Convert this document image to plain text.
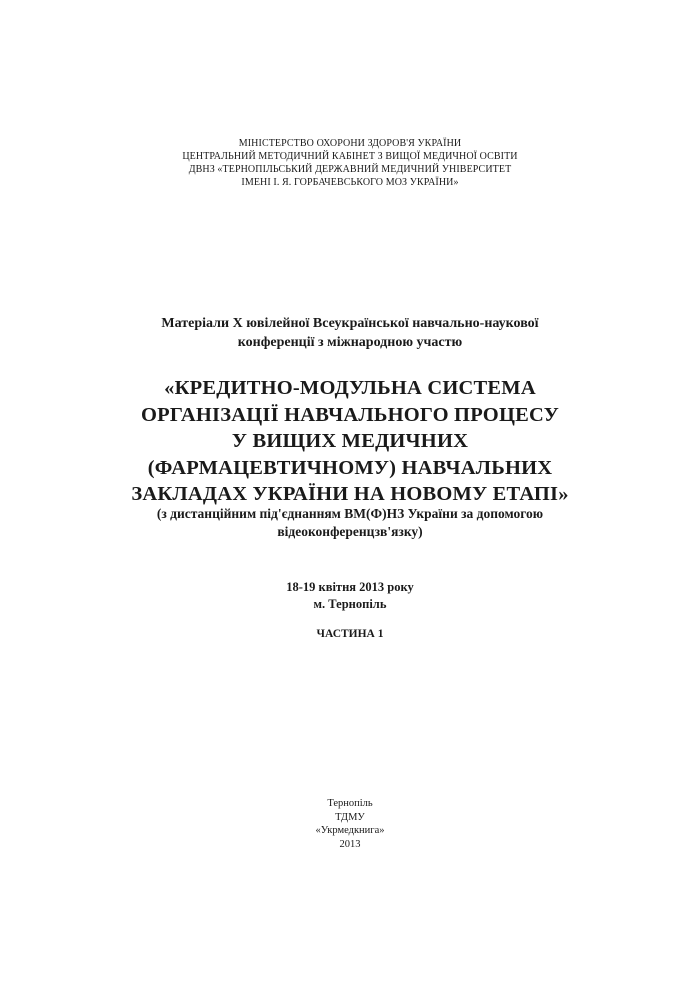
МІНІСТЕРСТВО ОХОРОНИ ЗДОРОВ'Я УКРАЇНИ
ЦЕНТРАЛЬНИЙ МЕТОДИЧНИЙ КАБІНЕТ З ВИЩОЇ МЕДИЧНОЇ ОСВІТИ
ДВНЗ «ТЕРНОПІЛЬСЬКИЙ ДЕРЖАВНИЙ МЕДИЧНИЙ УНІВЕРСИТЕТ
ІМЕНІ І. Я. ГОРБАЧЕВСЬКОГО МОЗ УКРАЇНИ»
Матеріали Х ювілейної Всеукраїнської навчально-наукової
конференції з міжнародною участю
«КРЕДИТНО-МОДУЛЬНА СИСТЕМА
ОРГАНІЗАЦІЇ НАВЧАЛЬНОГО ПРОЦЕСУ
У ВИЩИХ МЕДИЧНИХ
(ФАРМАЦЕВТИЧНОМУ) НАВЧАЛЬНИХ
ЗАКЛАДАХ УКРАЇНИ НА НОВОМУ ЕТАПІ»
(з дистанційним під'єднанням ВМ(Ф)НЗ України за допомогою
відеоконференцзв'язку)
18-19 квітня 2013 року
м. Тернопіль
ЧАСТИНА 1
Тернопіль
ТДМУ
«Укрмедкнига»
2013
